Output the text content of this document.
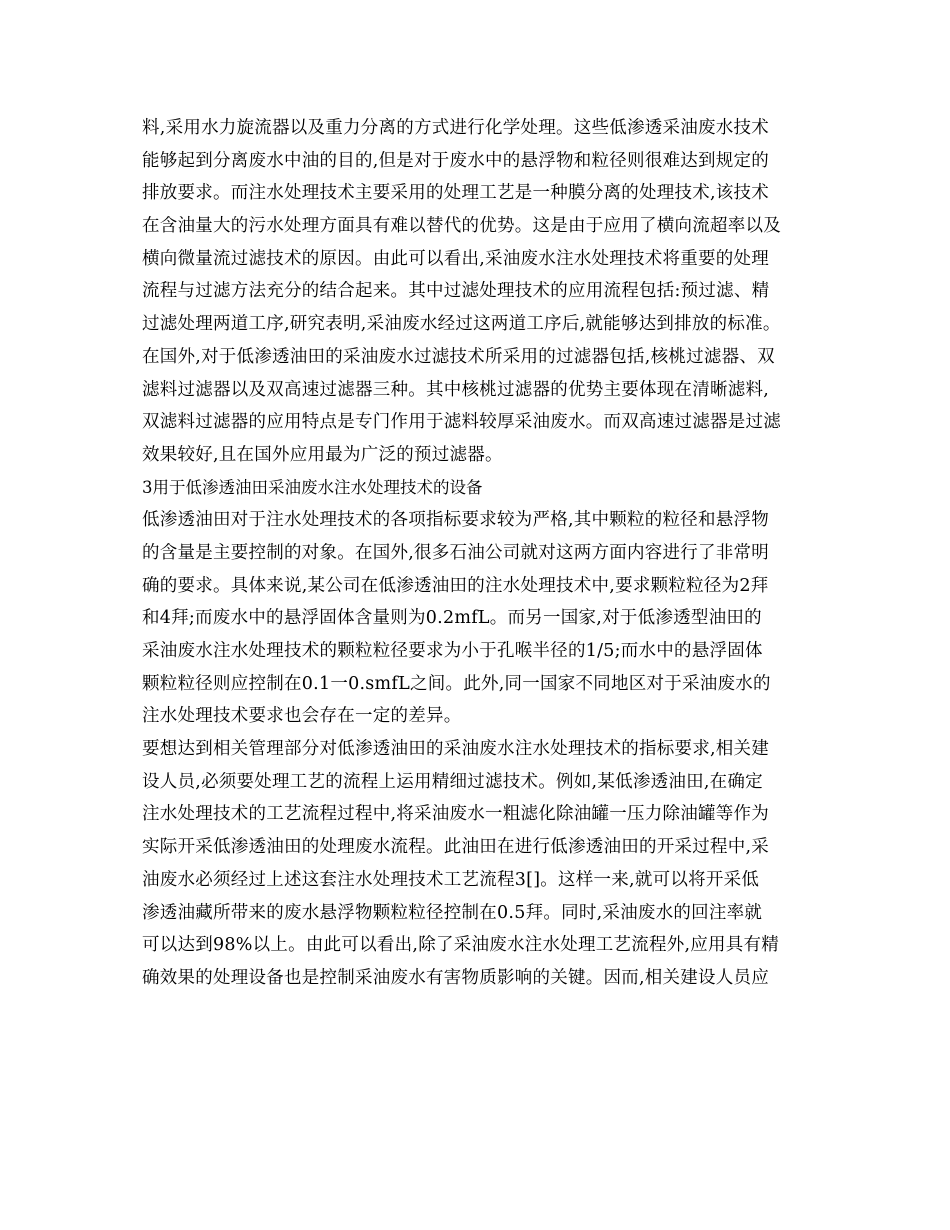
料,采用水力旋流器以及重力分离的方式进行化学处理。这些低渗透采油废水技术
能够起到分离废水中油的目的,但是对于废水中的悬浮物和粒径则很难达到规定的
排放要求。而注水处理技术主要采用的处理工艺是一种膜分离的处理技术,该技术
在含油量大的污水处理方面具有难以替代的优势。这是由于应用了横向流超率以及
横向微量流过滤技术的原因。由此可以看出,采油废水注水处理技术将重要的处理
流程与过滤方法充分的结合起来。其中过滤处理技术的应用流程包括:预过滤、精
过滤处理两道工序,研究表明,采油废水经过这两道工序后,就能够达到排放的标准。
在国外,对于低渗透油田的采油废水过滤技术所采用的过滤器包括,核桃过滤器、双
滤料过滤器以及双高速过滤器三种。其中核桃过滤器的优势主要体现在清晰滤料,
双滤料过滤器的应用特点是专门作用于滤料较厚采油废水。而双高速过滤器是过滤
效果较好,且在国外应用最为广泛的预过滤器。
3用于低渗透油田采油废水注水处理技术的设备
低渗透油田对于注水处理技术的各项指标要求较为严格,其中颗粒的粒径和悬浮物
的含量是主要控制的对象。在国外,很多石油公司就对这两方面内容进行了非常明
确的要求。具体来说,某公司在低渗透油田的注水处理技术中,要求颗粒粒径为2拜
和4拜;而废水中的悬浮固体含量则为0.2mfL。而另一国家,对于低渗透型油田的
采油废水注水处理技术的颗粒粒径要求为小于孔喉半径的1/5;而水中的悬浮固体
颗粒粒径则应控制在0.1一0.smfL之间。此外,同一国家不同地区对于采油废水的
注水处理技术要求也会存在一定的差异。
要想达到相关管理部分对低渗透油田的采油废水注水处理技术的指标要求,相关建
设人员,必须要处理工艺的流程上运用精细过滤技术。例如,某低渗透油田,在确定
注水处理技术的工艺流程过程中,将采油废水一粗滤化除油罐一压力除油罐等作为
实际开采低渗透油田的处理废水流程。此油田在进行低渗透油田的开采过程中,采
油废水必须经过上述这套注水处理技术工艺流程3[]。这样一来,就可以将开采低
渗透油藏所带来的废水悬浮物颗粒粒径控制在0.5拜。同时,采油废水的回注率就
可以达到98%以上。由此可以看出,除了采油废水注水处理工艺流程外,应用具有精
确效果的处理设备也是控制采油废水有害物质影响的关键。因而,相关建设人员应
